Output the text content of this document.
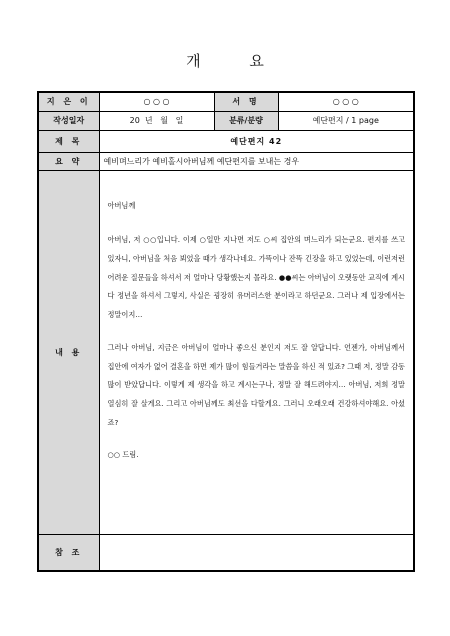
개 요
지 은 이	○ ○ ○	서 명	○ ○ ○
작성일자	20  년   월   일	분류/분량	예단편지 / 1 page
제 목	예단편지 42		
요 약	예비며느리가 예비홀시아버님께 예단편지를 보내는 경우		
내 용	아버님께

아버님, 저 ○○입니다. 이제 ○일만 지나면 저도 ○씨 집안의 며느리가 되는군요. 편지를 쓰고 있자니, 아버님을 처음 뵈었을 때가 생각나네요. 가뜩이나 잔뜩 긴장을 하고 있었는데, 이런저런 어려운 질문들을 하셔서 저 얼마나 당황했는지 몰라요. ●●씨는 아버님이 오랫동안 교직에 계시다 정년을 하셔서 그렇지, 사실은 굉장히 유머러스한 분이라고 하던군요. 그러나 제 입장에서는 정말이지…

그러나 아버님, 지금은 아버님이 얼마나 좋으신 분인지 저도 잘 알답니다. 언젠가, 아버님께서 집안에 여자가 없어 결혼을 하면 제가 많이 힘들거라는 말씀을 하신 적 있죠? 그때 저, 정말 감동 많이 받았답니다. 이렇게 제 생각을 하고 계시는구나, 정말 잘 해드려야지… 아버님, 저희 정말 열심히 잘 살게요. 그리고 아버님께도 최선을 다할게요. 그러니 오래오래 건강하셔야해요. 아셨죠?

○○ 드림.		

참 조			
